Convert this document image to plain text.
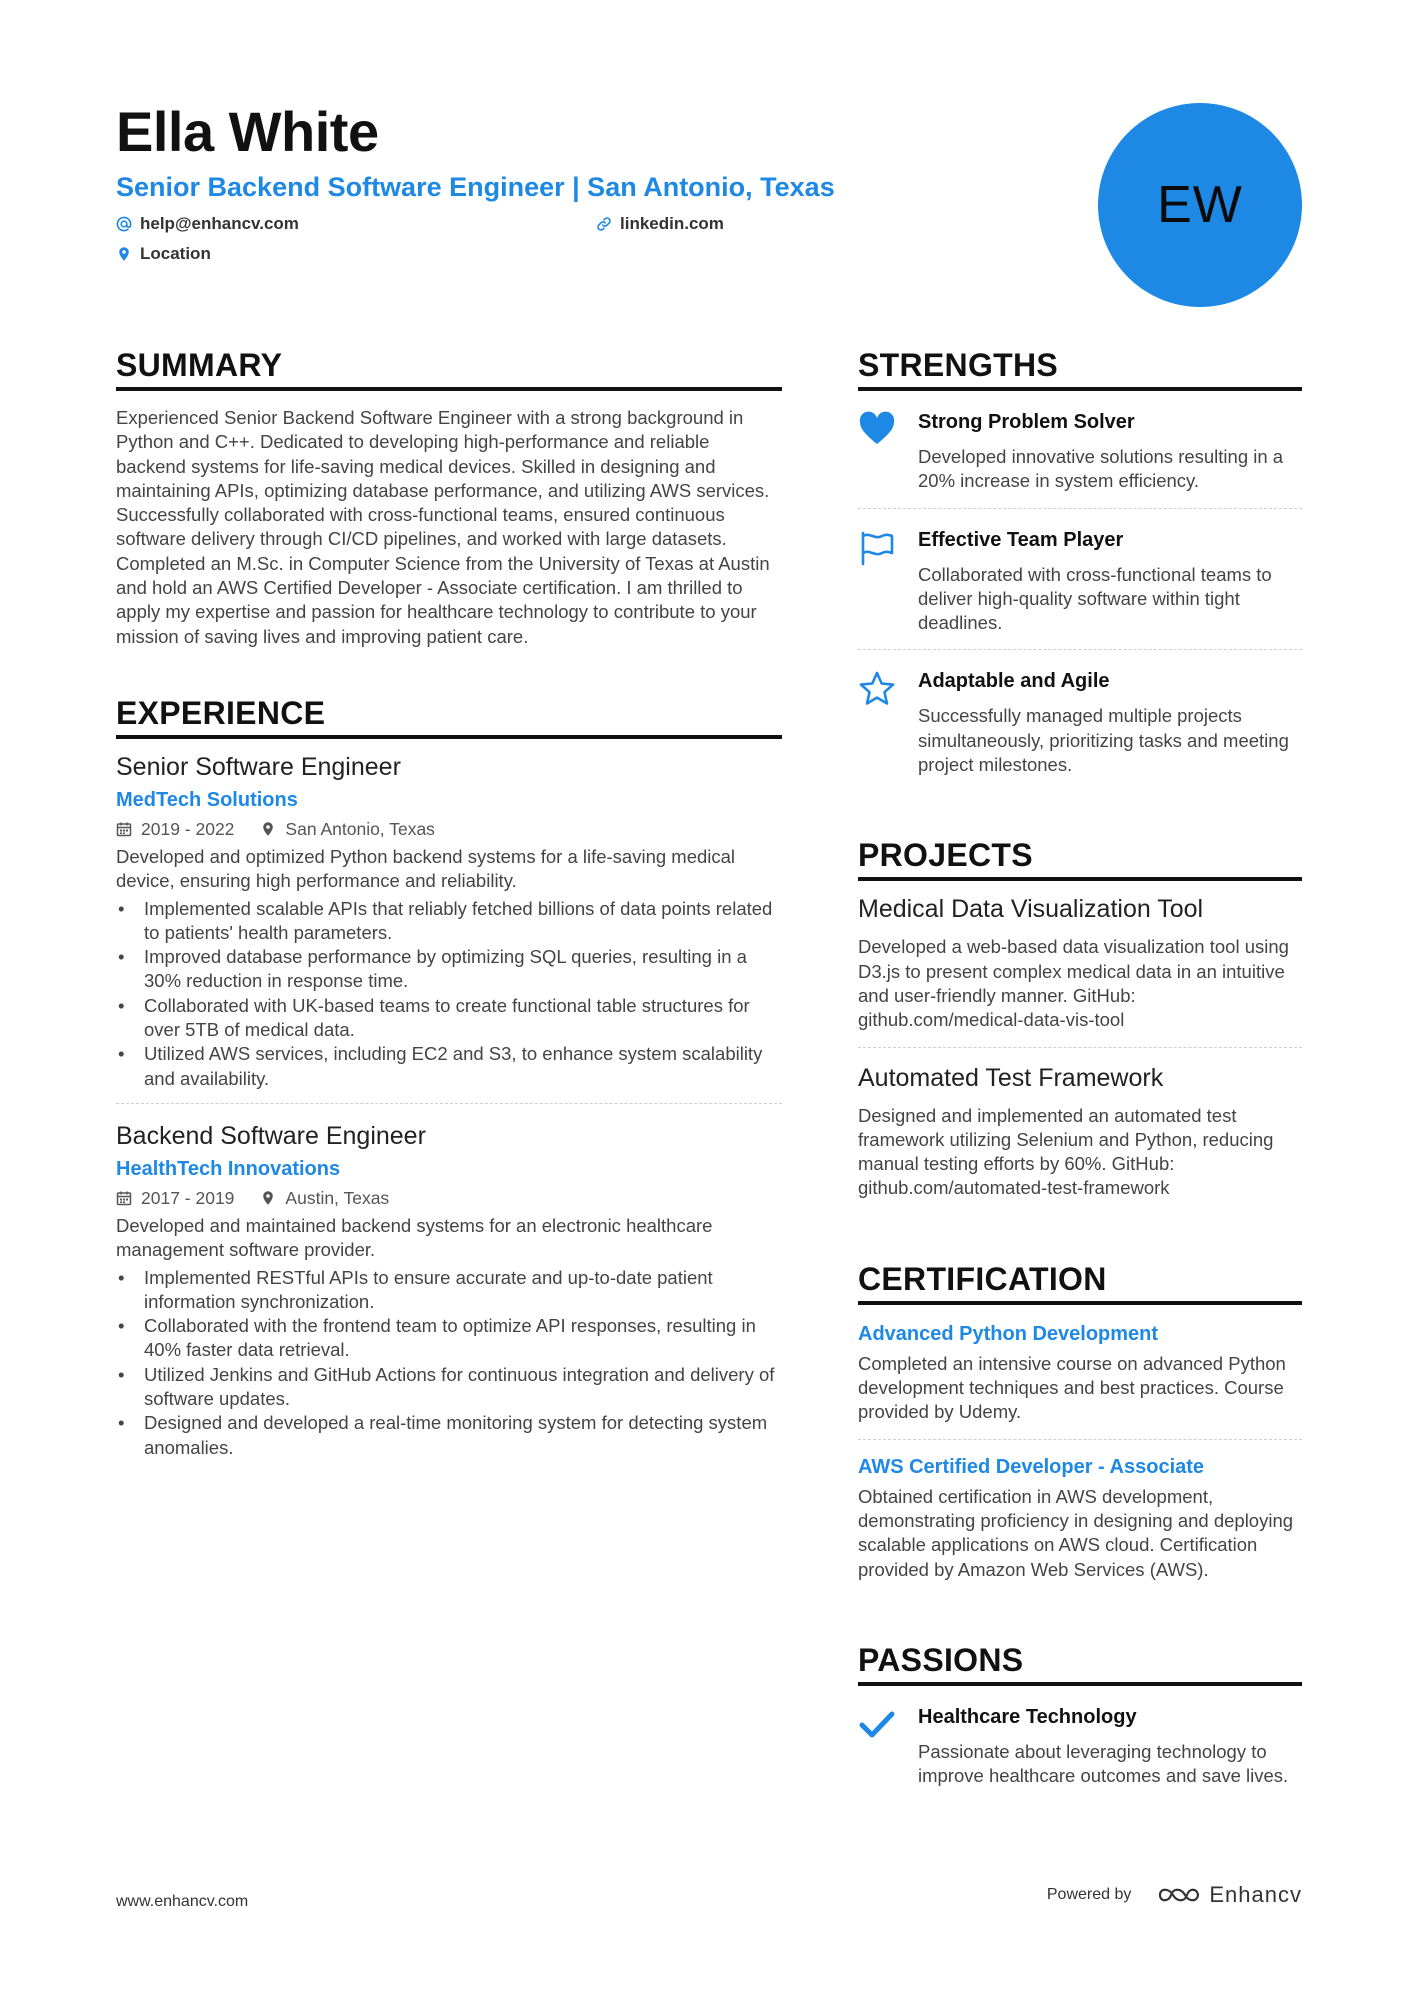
Ella White
Senior Backend Software Engineer | San Antonio, Texas
help@enhancv.com	linkedin.com
Location
EW
SUMMARY
Experienced Senior Backend Software Engineer with a strong background in Python and C++. Dedicated to developing high-performance and reliable backend systems for life-saving medical devices. Skilled in designing and maintaining APIs, optimizing database performance, and utilizing AWS services. Successfully collaborated with cross-functional teams, ensured continuous software delivery through CI/CD pipelines, and worked with large datasets. Completed an M.Sc. in Computer Science from the University of Texas at Austin and hold an AWS Certified Developer - Associate certification. I am thrilled to apply my expertise and passion for healthcare technology to contribute to your mission of saving lives and improving patient care.
EXPERIENCE
Senior Software Engineer
MedTech Solutions
2019 - 2022	San Antonio, Texas
Developed and optimized Python backend systems for a life-saving medical device, ensuring high performance and reliability.
• Implemented scalable APIs that reliably fetched billions of data points related to patients' health parameters.
• Improved database performance by optimizing SQL queries, resulting in a 30% reduction in response time.
• Collaborated with UK-based teams to create functional table structures for over 5TB of medical data.
• Utilized AWS services, including EC2 and S3, to enhance system scalability and availability.
Backend Software Engineer
HealthTech Innovations
2017 - 2019	Austin, Texas
Developed and maintained backend systems for an electronic healthcare management software provider.
• Implemented RESTful APIs to ensure accurate and up-to-date patient information synchronization.
• Collaborated with the frontend team to optimize API responses, resulting in 40% faster data retrieval.
• Utilized Jenkins and GitHub Actions for continuous integration and delivery of software updates.
• Designed and developed a real-time monitoring system for detecting system anomalies.
STRENGTHS
Strong Problem Solver
Developed innovative solutions resulting in a 20% increase in system efficiency.
Effective Team Player
Collaborated with cross-functional teams to deliver high-quality software within tight deadlines.
Adaptable and Agile
Successfully managed multiple projects simultaneously, prioritizing tasks and meeting project milestones.
PROJECTS
Medical Data Visualization Tool
Developed a web-based data visualization tool using D3.js to present complex medical data in an intuitive and user-friendly manner. GitHub: github.com/medical-data-vis-tool
Automated Test Framework
Designed and implemented an automated test framework utilizing Selenium and Python, reducing manual testing efforts by 60%. GitHub: github.com/automated-test-framework
CERTIFICATION
Advanced Python Development
Completed an intensive course on advanced Python development techniques and best practices. Course provided by Udemy.
AWS Certified Developer - Associate
Obtained certification in AWS development, demonstrating proficiency in designing and deploying scalable applications on AWS cloud. Certification provided by Amazon Web Services (AWS).
PASSIONS
Healthcare Technology
Passionate about leveraging technology to improve healthcare outcomes and save lives.
www.enhancv.com	Powered by	Enhancv
